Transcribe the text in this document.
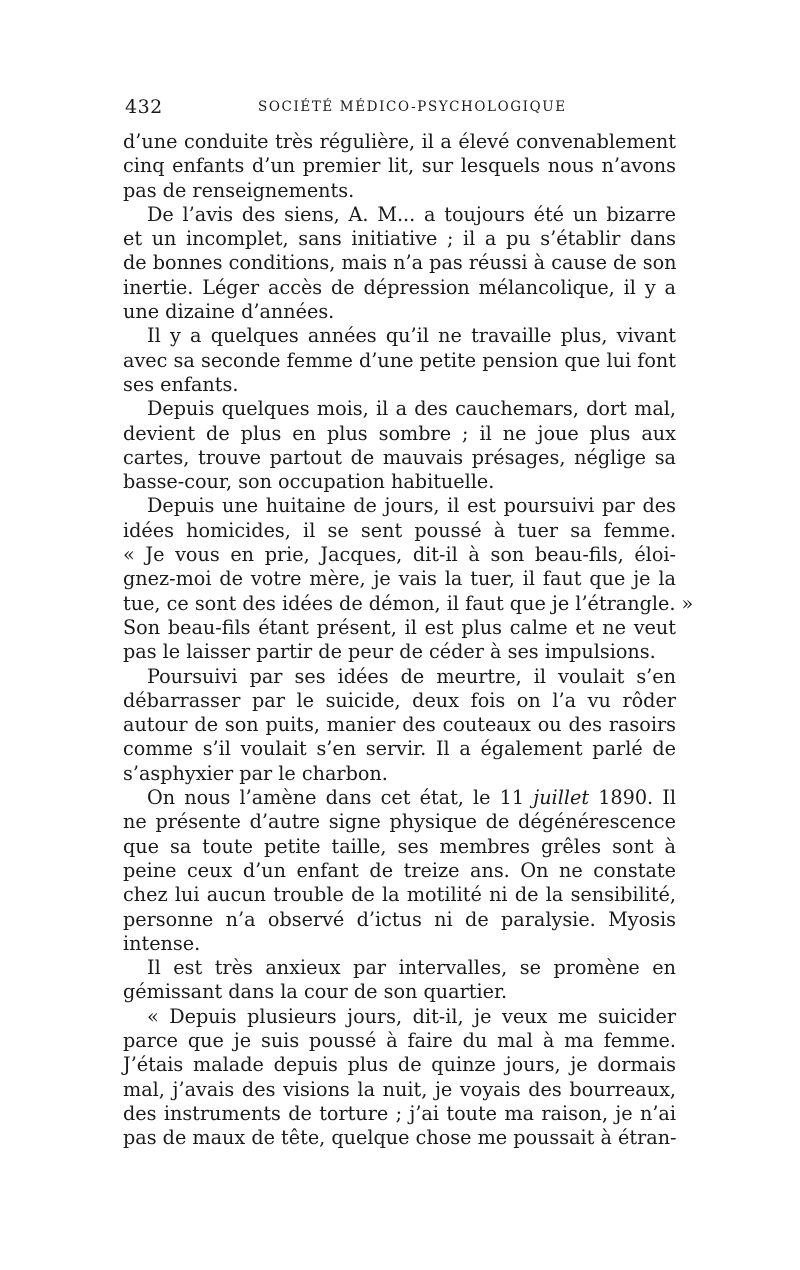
432	SOCIÉTÉ MÉDICO-PSYCHOLOGIQUE

d’une conduite très régulière, il a élevé convenablement
cinq enfants d’un premier lit, sur lesquels nous n’avons
pas de renseignements.

De l’avis des siens, A. M... a toujours été un bizarre
et un incomplet, sans initiative ; il a pu s’établir dans
de bonnes conditions, mais n’a pas réussi à cause de son
inertie. Léger accès de dépression mélancolique, il y a
une dizaine d’années.

Il y a quelques années qu’il ne travaille plus, vivant
avec sa seconde femme d’une petite pension que lui font
ses enfants.

Depuis quelques mois, il a des cauchemars, dort mal,
devient de plus en plus sombre ; il ne joue plus aux
cartes, trouve partout de mauvais présages, néglige sa
basse-cour, son occupation habituelle.

Depuis une huitaine de jours, il est poursuivi par des
idées homicides, il se sent poussé à tuer sa femme.
« Je vous en prie, Jacques, dit-il à son beau-fils, éloi-
gnez-moi de votre mère, je vais la tuer, il faut que je la
tue, ce sont des idées de démon, il faut que je l’étrangle. »
Son beau-fils étant présent, il est plus calme et ne veut
pas le laisser partir de peur de céder à ses impulsions.

Poursuivi par ses idées de meurtre, il voulait s’en
débarrasser par le suicide, deux fois on l’a vu rôder
autour de son puits, manier des couteaux ou des rasoirs
comme s’il voulait s’en servir. Il a également parlé de
s’asphyxier par le charbon.

On nous l’amène dans cet état, le 11 juillet 1890. Il
ne présente d’autre signe physique de dégénérescence
que sa toute petite taille, ses membres grêles sont à
peine ceux d’un enfant de treize ans. On ne constate
chez lui aucun trouble de la motilité ni de la sensibilité,
personne n’a observé d’ictus ni de paralysie. Myosis
intense.

Il est très anxieux par intervalles, se promène en
gémissant dans la cour de son quartier.

« Depuis plusieurs jours, dit-il, je veux me suicider
parce que je suis poussé à faire du mal à ma femme.
J’étais malade depuis plus de quinze jours, je dormais
mal, j’avais des visions la nuit, je voyais des bourreaux,
des instruments de torture ; j’ai toute ma raison, je n’ai
pas de maux de tête, quelque chose me poussait à étran-
